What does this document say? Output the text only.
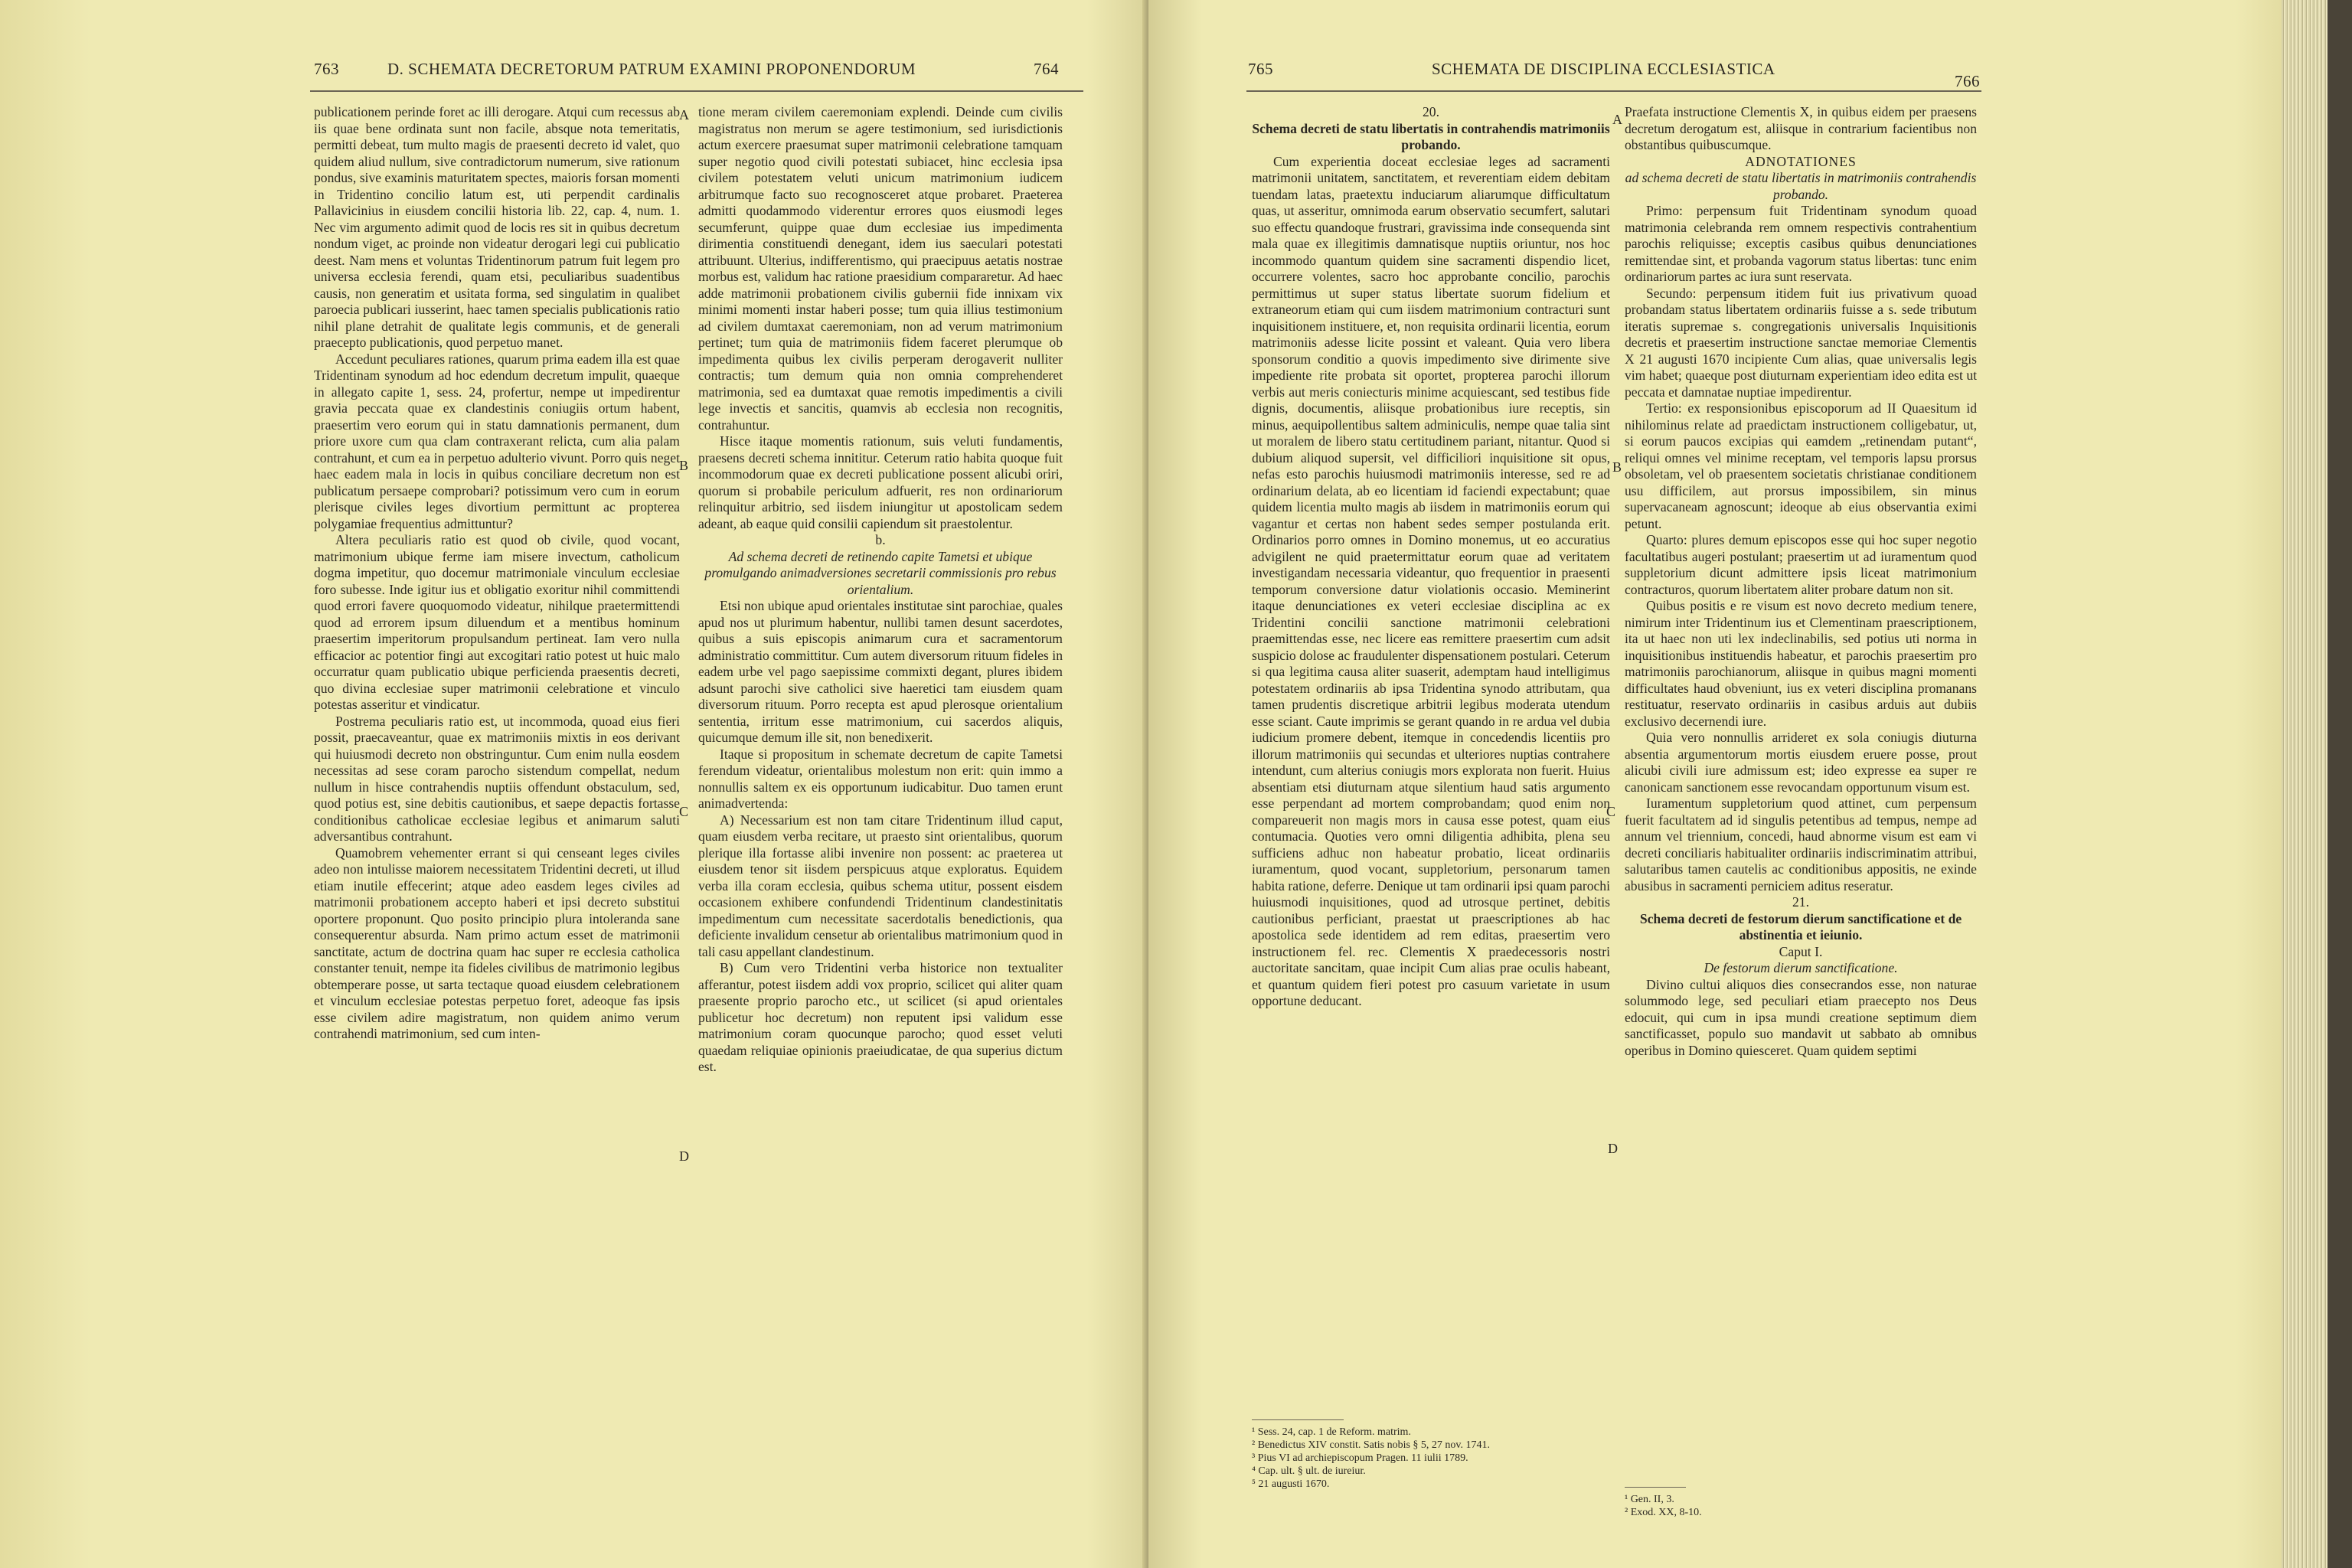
763	D. SCHEMATA DECRETORUM PATRUM EXAMINI PROPONENDORUM	764

publicationem perinde foret ac illi derogare. Atqui cum recessus ab iis quae bene ordinata sunt non facile, absque nota temeritatis, permitti debeat, tum multo magis de praesenti decreto id valet, quo quidem aliud nullum, sive contradictorum numerum, sive rationum pondus, sive examinis maturitatem spectes, maioris forsan momenti in Tridentino concilio latum est, uti perpendit cardinalis Pallavicinius in eiusdem concilii historia lib. 22, cap. 4, num. 1. Nec vim argumento adimit quod de locis res sit in quibus decretum nondum viget, ac proinde non videatur derogari legi cui publicatio deest. Nam mens et voluntas Tridentinorum patrum fuit legem pro universa ecclesia ferendi, quam etsi, peculiaribus suadentibus causis, non generatim et usitata forma, sed singulatim in qualibet paroecia publicari iusserint, haec tamen specialis publicationis ratio nihil plane detrahit de qualitate legis communis, et de generali praecepto publicationis, quod perpetuo manet.

Accedunt peculiares rationes, quarum prima eadem illa est quae Tridentinam synodum ad hoc edendum decretum impulit, quaeque in allegato capite 1, sess. 24, profertur, nempe ut impedirentur gravia peccata quae ex clandestinis coniugiis ortum habent, praesertim vero eorum qui in statu damnationis permanent, dum priore uxore cum qua clam contraxerant relicta, cum alia palam contrahunt, et cum ea in perpetuo adulterio vivunt. Porro quis neget haec eadem mala in locis in quibus conciliare decretum non est publicatum persaepe comprobari? potissimum vero cum in eorum plerisque civiles leges divortium permittunt ac propterea polygamiae frequentius admittuntur?

Altera peculiaris ratio est quod ob civile, quod vocant, matrimonium ubique ferme iam misere invectum, catholicum dogma impetitur, quo docemur matrimoniale vinculum ecclesiae foro subesse. Inde igitur ius et obligatio exoritur nihil committendi quod errori favere quoquomodo videatur, nihilque praetermittendi quod ad errorem ipsum diluendum et a mentibus hominum praesertim imperitorum propulsandum pertineat. Iam vero nulla efficacior ac potentior fingi aut excogitari ratio potest ut huic malo occurratur quam publicatio ubique perficienda praesentis decreti, quo divina ecclesiae super matrimonii celebratione et vinculo potestas asseritur et vindicatur.

Postrema peculiaris ratio est, ut incommoda, quoad eius fieri possit, praecaveantur, quae ex matrimoniis mixtis in eos derivant qui huiusmodi decreto non obstringuntur. Cum enim nulla eosdem necessitas ad sese coram parocho sistendum compellat, nedum nullum in hisce contrahendis nuptiis offendunt obstaculum, sed, quod potius est, sine debitis cautionibus, et saepe depactis fortasse conditionibus catholicae ecclesiae legibus et animarum saluti adversantibus contrahunt.

Quamobrem vehementer errant si qui censeant leges civiles adeo non intulisse maiorem necessitatem Tridentini decreti, ut illud etiam inutile effecerint; atque adeo easdem leges civiles ad matrimonii probationem accepto haberi et ipsi decreto substitui oportere proponunt. Quo posito principio plura intoleranda sane consequerentur absurda. Nam primo actum esset de matrimonii sanctitate, actum de doctrina quam hac super re ecclesia catholica constanter tenuit, nempe ita fideles civilibus de matrimonio legibus obtemperare posse, ut sarta tectaque quoad eiusdem celebrationem et vinculum ecclesiae potestas perpetuo foret, adeoque fas ipsis esse civilem adire magistratum, non quidem animo verum contrahendi matrimonium, sed cum inten-

A
B
C
D

tione meram civilem caeremoniam explendi. Deinde cum civilis magistratus non merum se agere testimonium, sed iurisdictionis actum exercere praesumat super matrimonii celebratione tamquam super negotio quod civili potestati subiacet, hinc ecclesia ipsa civilem potestatem veluti unicum matrimonium iudicem arbitrumque facto suo recognosceret atque probaret. Praeterea admitti quodammodo viderentur errores quos eiusmodi leges secumferunt, quippe quae dum ecclesiae ius impedimenta dirimentia constituendi denegant, idem ius saeculari potestati attribuunt. Ulterius, indifferentismo, qui praecipuus aetatis nostrae morbus est, validum hac ratione praesidium compararetur. Ad haec adde matrimonii probationem civilis gubernii fide innixam vix minimi momenti instar haberi posse; tum quia illius testimonium ad civilem dumtaxat caeremoniam, non ad verum matrimonium pertinet; tum quia de matrimoniis fidem faceret plerumque ob impedimenta quibus lex civilis perperam derogaverit nulliter contractis; tum demum quia non omnia comprehenderet matrimonia, sed ea dumtaxat quae remotis impedimentis a civili lege invectis et sancitis, quamvis ab ecclesia non recognitis, contrahuntur.

Hisce itaque momentis rationum, suis veluti fundamentis, praesens decreti schema innititur. Ceterum ratio habita quoque fuit incommodorum quae ex decreti publicatione possent alicubi oriri, quorum si probabile periculum adfuerit, res non ordinariorum relinquitur arbitrio, sed iisdem iniungitur ut apostolicam sedem adeant, ab eaque quid consilii capiendum sit praestolentur.

b.

Ad schema decreti de retinendo capite Tametsi et ubique promulgando animadversiones secretarii commissionis pro rebus orientalium.

Etsi non ubique apud orientales institutae sint parochiae, quales apud nos ut plurimum habentur, nullibi tamen desunt sacerdotes, quibus a suis episcopis animarum cura et sacramentorum administratio committitur. Cum autem diversorum rituum fideles in eadem urbe vel pago saepissime commixti degant, plures ibidem adsunt parochi sive catholici sive haeretici tam eiusdem quam diversorum rituum. Porro recepta est apud plerosque orientalium sententia, irritum esse matrimonium, cui sacerdos aliquis, quicumque demum ille sit, non benedixerit.

Itaque si propositum in schemate decretum de capite Tametsi ferendum videatur, orientalibus molestum non erit: quin immo a nonnullis saltem ex eis opportunum iudicabitur. Duo tamen erunt animadvertenda:

A) Necessarium est non tam citare Tridentinum illud caput, quam eiusdem verba recitare, ut praesto sint orientalibus, quorum plerique illa fortasse alibi invenire non possent: ac praeterea ut eiusdem tenor sit iisdem perspicuus atque exploratus. Equidem verba illa coram ecclesia, quibus schema utitur, possent eisdem occasionem exhibere confundendi Tridentinum clandestinitatis impedimentum cum necessitate sacerdotalis benedictionis, qua deficiente invalidum censetur ab orientalibus matrimonium quod in tali casu appellant clandestinum.

B) Cum vero Tridentini verba historice non textualiter afferantur, potest iisdem addi vox proprio, scilicet qui aliter quam praesente proprio parocho etc., ut scilicet (si apud orientales publicetur hoc decretum) non reputent ipsi validum esse matrimonium coram quocunque parocho; quod esset veluti quaedam reliquiae opinionis praeiudicatae, de qua superius dictum est.

765	SCHEMATA DE DISCIPLINA ECCLESIASTICA
766

20.

Schema decreti de statu libertatis in contrahendis matrimoniis probando.

Cum experientia doceat ecclesiae leges ad sacramenti matrimonii unitatem, sanctitatem, et reverentiam eidem debitam tuendam latas, praetextu induciarum aliarumque difficultatum quas, ut asseritur, omnimoda earum observatio secumfert, salutari suo effectu quandoque frustrari, gravissima inde consequenda sint mala quae ex illegitimis damnatisque nuptiis oriuntur, nos hoc incommodo quantum quidem sine sacramenti dispendio licet, occurrere volentes, sacro hoc approbante concilio, parochis permittimus ut super status libertate suorum fidelium et extraneorum etiam qui cum iisdem matrimonium contracturi sunt inquisitionem instituere, et, non requisita ordinarii licentia, eorum matrimoniis adesse licite possint et valeant. Quia vero libera sponsorum conditio a quovis impedimento sive dirimente sive impediente rite probata sit oportet, propterea parochi illorum verbis aut meris coniecturis minime acquiescant, sed testibus fide dignis, documentis, aliisque probationibus iure receptis, sin minus, aequipollentibus saltem adminiculis, nempe quae talia sint ut moralem de libero statu certitudinem pariant, nitantur. Quod si dubium aliquod supersit, vel difficiliori inquisitione sit opus, nefas esto parochis huiusmodi matrimoniis interesse, sed re ad ordinarium delata, ab eo licentiam id faciendi expectabunt; quae quidem licentia multo magis ab iisdem in matrimoniis eorum qui vagantur et certas non habent sedes semper postulanda erit. Ordinarios porro omnes in Domino monemus, ut eo accuratius advigilent ne quid praetermittatur eorum quae ad veritatem investigandam necessaria videantur, quo frequentior in praesenti temporum conversione datur violationis occasio. Meminerint itaque denunciationes ex veteri ecclesiae disciplina ac ex Tridentini concilii sanctione matrimonii celebrationi praemittendas esse, nec licere eas remittere praesertim cum adsit suspicio dolose ac fraudulenter dispensationem postulari. Ceterum si qua legitima causa aliter suaserit, ademptam haud intelligimus potestatem ordinariis ab ipsa Tridentina synodo attributam, qua tamen prudentis discretique arbitrii legibus moderata utendum esse sciant. Caute imprimis se gerant quando in re ardua vel dubia iudicium promere debent, itemque in concedendis licentiis pro illorum matrimoniis qui secundas et ulteriores nuptias contrahere intendunt, cum alterius coniugis mors explorata non fuerit. Huius absentiam etsi diuturnam atque silentium haud satis argumento esse perpendant ad mortem comprobandam; quod enim non compareuerit non magis mors in causa esse potest, quam eius contumacia. Quoties vero omni diligentia adhibita, plena seu sufficiens adhuc non habeatur probatio, liceat ordinariis iuramentum, quod vocant, suppletorium, personarum tamen habita ratione, deferre. Denique ut tam ordinarii ipsi quam parochi huiusmodi inquisitiones, quod ad utrosque pertinet, debitis cautionibus perficiant, praestat ut praescriptiones ab hac apostolica sede identidem ad rem editas, praesertim vero instructionem fel. rec. Clementis X praedecessoris nostri auctoritate sancitam, quae incipit Cum alias prae oculis habeant, et quantum quidem fieri potest pro casuum varietate in usum opportune deducant.

¹ Sess. 24, cap. 1 de Reform. matrim.
² Benedictus XIV constit. Satis nobis § 5, 27 nov. 1741.
³ Pius VI ad archiepiscopum Pragen. 11 iulii 1789.
⁴ Cap. ult. § ult. de iureiur.
⁵ 21 augusti 1670.
A
B
C
D

Praefata instructione Clementis X, in quibus eidem per praesens decretum derogatum est, aliisque in contrarium facientibus non obstantibus quibuscumque.

ADNOTATIONES

ad schema decreti de statu libertatis in matrimoniis contrahendis probando.

Primo: perpensum fuit Tridentinam synodum quoad matrimonia celebranda rem omnem respectivis contrahentium parochis reliquisse; exceptis casibus quibus denunciationes remittendae sint, et probanda vagorum status libertas: tunc enim ordinariorum partes ac iura sunt reservata.

Secundo: perpensum itidem fuit ius privativum quoad probandam status libertatem ordinariis fuisse a s. sede tributum iteratis supremae s. congregationis universalis Inquisitionis decretis et praesertim instructione sanctae memoriae Clementis X 21 augusti 1670 incipiente Cum alias, quae universalis legis vim habet; quaeque post diuturnam experientiam ideo edita est ut peccata et damnatae nuptiae impedirentur.

Tertio: ex responsionibus episcoporum ad II Quaesitum id nihilominus relate ad praedictam instructionem colligebatur, ut, si eorum paucos excipias qui eamdem „retinendam putant“, reliqui omnes vel minime receptam, vel temporis lapsu prorsus obsoletam, vel ob praesentem societatis christianae conditionem usu difficilem, aut prorsus impossibilem, sin minus supervacaneam agnoscunt; ideoque ab eius observantia eximi petunt.

Quarto: plures demum episcopos esse qui hoc super negotio facultatibus augeri postulant; praesertim ut ad iuramentum quod suppletorium dicunt admittere ipsis liceat matrimonium contracturos, quorum libertatem aliter probare datum non sit.

Quibus positis e re visum est novo decreto medium tenere, nimirum inter Tridentinum ius et Clementinam praescriptionem, ita ut haec non uti lex indeclinabilis, sed potius uti norma in inquisitionibus instituendis habeatur, et parochis praesertim pro matrimoniis parochianorum, aliisque in quibus magni momenti difficultates haud obveniunt, ius ex veteri disciplina promanans restituatur, reservato ordinariis in casibus arduis aut dubiis exclusivo decernendi iure.

Quia vero nonnullis arrideret ex sola coniugis diuturna absentia argumentorum mortis eiusdem eruere posse, prout alicubi civili iure admissum est; ideo expresse ea super re canonicam sanctionem esse revocandam opportunum visum est.

Iuramentum suppletorium quod attinet, cum perpensum fuerit facultatem ad id singulis petentibus ad tempus, nempe ad annum vel triennium, concedi, haud abnorme visum est eam vi decreti conciliaris habitualiter ordinariis indiscriminatim attribui, salutaribus tamen cautelis ac conditionibus appositis, ne exinde abusibus in sacramenti perniciem aditus reseratur.

21.

Schema decreti de festorum dierum sanctificatione et de abstinentia et ieiunio.

Caput I.

De festorum dierum sanctificatione.

Divino cultui aliquos dies consecrandos esse, non naturae solummodo lege, sed peculiari etiam praecepto nos Deus edocuit, qui cum in ipsa mundi creatione septimum diem sanctificasset, populo suo mandavit ut sabbato ab omnibus operibus in Domino quiesceret. Quam quidem septimi

¹ Gen. II, 3.
² Exod. XX, 8-10.
